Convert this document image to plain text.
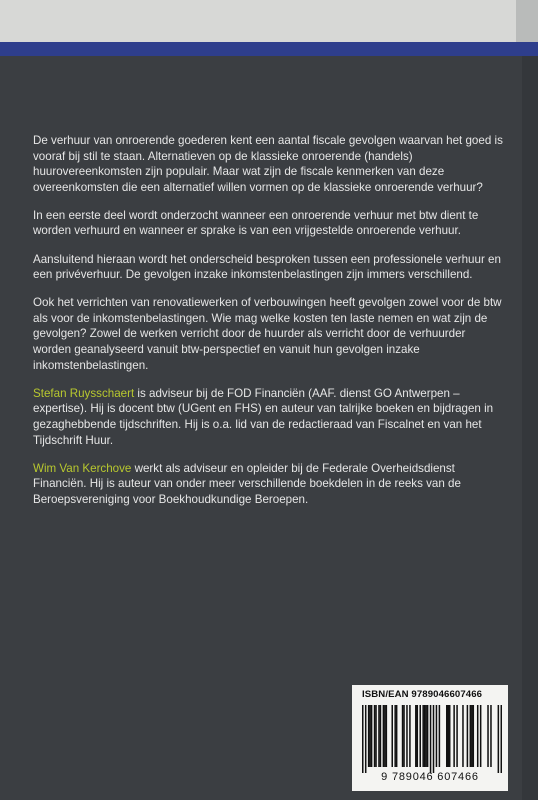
De verhuur van onroerende goederen kent een aantal fiscale gevolgen waarvan het goed is vooraf bij stil te staan. Alternatieven op de klassieke onroerende (handels) huurovereenkomsten zijn populair. Maar wat zijn de fiscale kenmerken van deze overeenkomsten die een alternatief willen vormen op de klassieke onroerende verhuur?

In een eerste deel wordt onderzocht wanneer een onroerende verhuur met btw dient te worden verhuurd en wanneer er sprake is van een vrijgestelde onroerende verhuur.

Aansluitend hieraan wordt het onderscheid besproken tussen een professionele verhuur en een privéverhuur. De gevolgen inzake inkomstenbelastingen zijn immers verschillend.

Ook het verrichten van renovatiewerken of verbouwingen heeft gevolgen zowel voor de btw als voor de inkomstenbelastingen. Wie mag welke kosten ten laste nemen en wat zijn de gevolgen? Zowel de werken verricht door de huurder als verricht door de verhuurder worden geanalyseerd vanuit btw-perspectief en vanuit hun gevolgen inzake inkomstenbelastingen.

Stefan Ruysschaert is adviseur bij de FOD Financiën (AAF. dienst GO Antwerpen – expertise). Hij is docent btw (UGent en FHS) en auteur van talrijke boeken en bijdragen in gezaghebbende tijdschriften. Hij is o.a. lid van de redactieraad van Fiscalnet en van het Tijdschrift Huur.

Wim Van Kerchove werkt als adviseur en opleider bij de Federale Overheidsdienst Financiën. Hij is auteur van onder meer verschillende boekdelen in de reeks van de Beroepsvereniging voor Boekhoudkundige Beroepen.

ISBN/EAN 9789046607466
9 789046 607466
